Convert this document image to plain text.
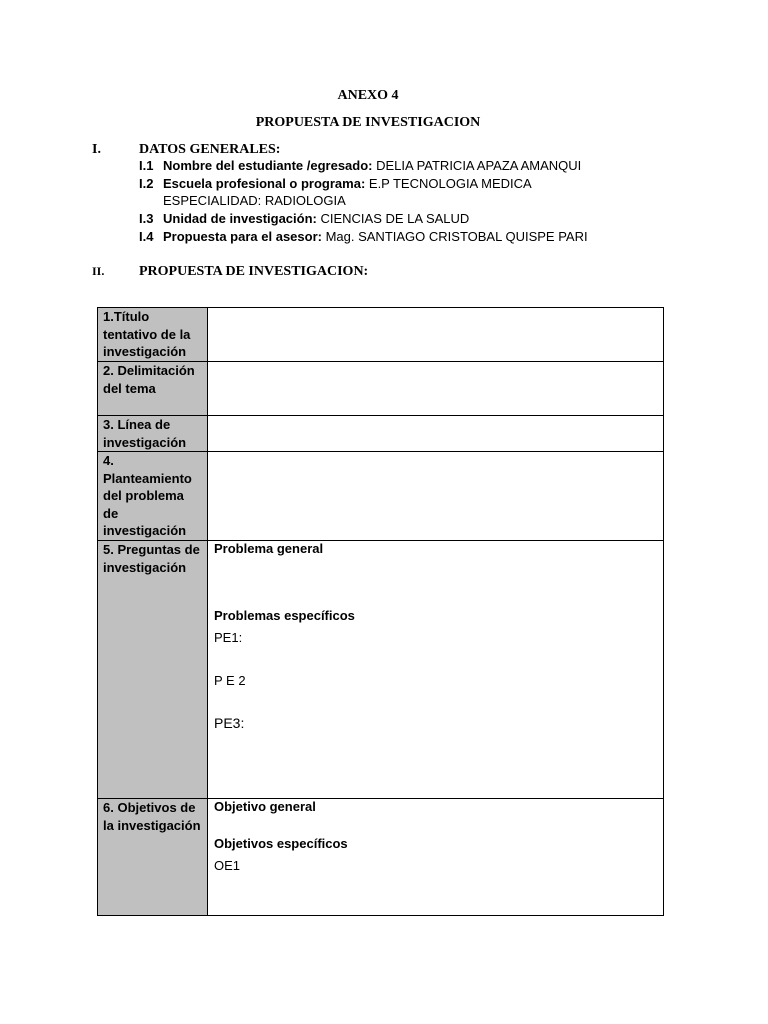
ANEXO 4
PROPUESTA DE INVESTIGACION
I.	DATOS GENERALES:
I.1 Nombre del estudiante /egresado: DELIA PATRICIA APAZA AMANQUI
I.2 Escuela profesional o programa: E.P TECNOLOGIA MEDICA ESPECIALIDAD: RADIOLOGIA
I.3 Unidad de investigación: CIENCIAS DE LA SALUD
I.4 Propuesta para el asesor: Mag. SANTIAGO CRISTOBAL QUISPE PARI
II. PROPUESTA DE INVESTIGACION:
1.Título tentativo de la investigación	
2. Delimitación del tema	
3. Línea de investigación	
4. Planteamiento del problema de investigación	
5. Preguntas de investigación	Problema general
Problemas específicos
PE1:
P E 2
PE3:

6. Objetivos de la investigación	Objetivo general
Objetivos específicos
OE1
